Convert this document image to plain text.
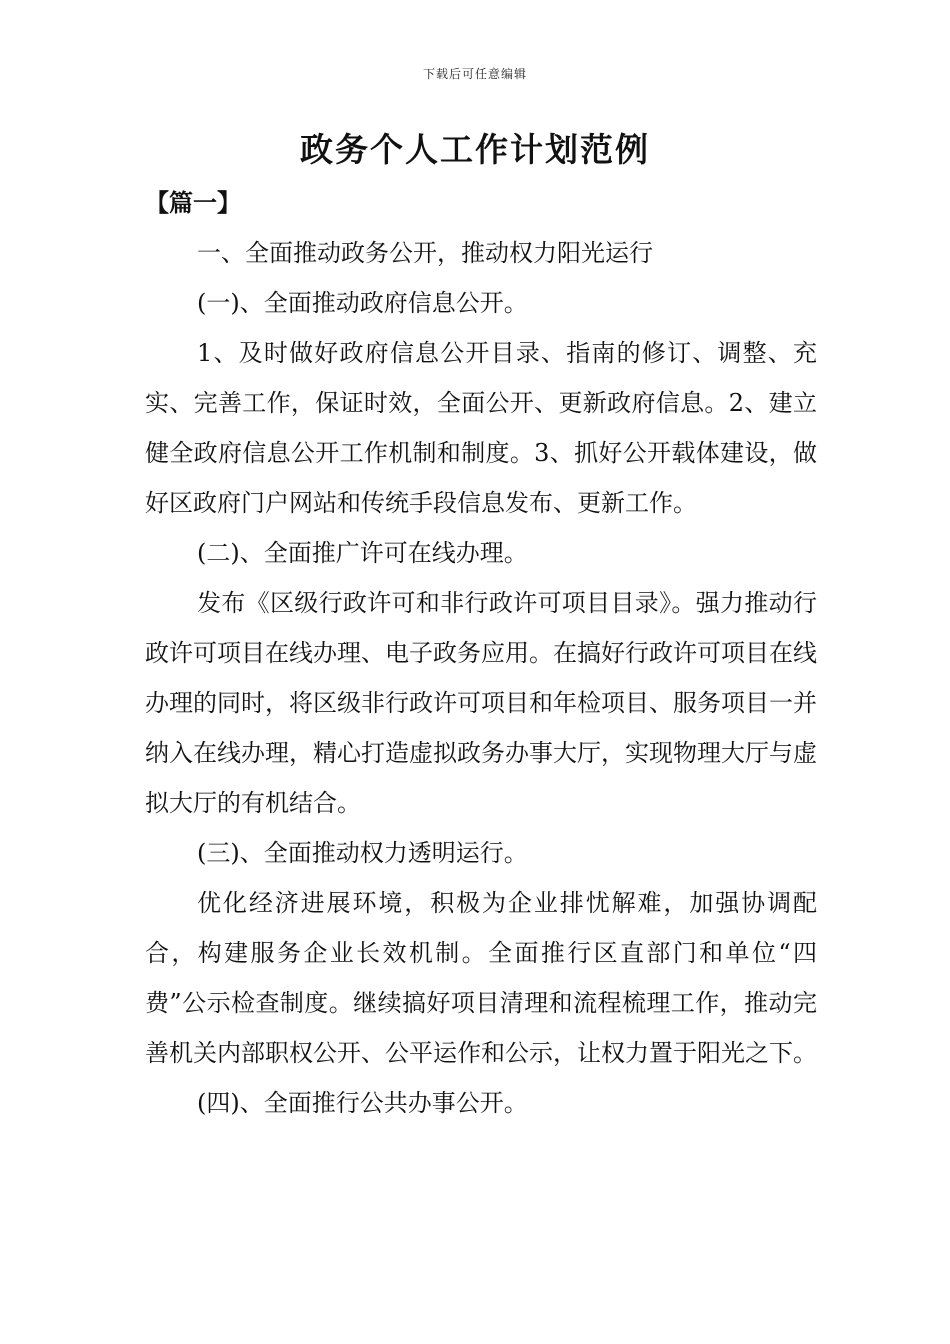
下载后可任意编辑
政务个人工作计划范例

【篇一】

一、全面推动政务公开，推动权力阳光运行

(一)、全面推动政府信息公开。

1、及时做好政府信息公开目录、指南的修订、调整、充实、完善工作，保证时效，全面公开、更新政府信息。2、建立健全政府信息公开工作机制和制度。3、抓好公开载体建设，做好区政府门户网站和传统手段信息发布、更新工作。

(二)、全面推广许可在线办理。

发布《区级行政许可和非行政许可项目目录》。强力推动行政许可项目在线办理、电子政务应用。在搞好行政许可项目在线办理的同时，将区级非行政许可项目和年检项目、服务项目一并纳入在线办理，精心打造虚拟政务办事大厅，实现物理大厅与虚拟大厅的有机结合。

(三)、全面推动权力透明运行。

优化经济进展环境，积极为企业排忧解难，加强协调配合，构建服务企业长效机制。全面推行区直部门和单位“四费”公示检查制度。继续搞好项目清理和流程梳理工作，推动完善机关内部职权公开、公平运作和公示，让权力置于阳光之下。

(四)、全面推行公共办事公开。
